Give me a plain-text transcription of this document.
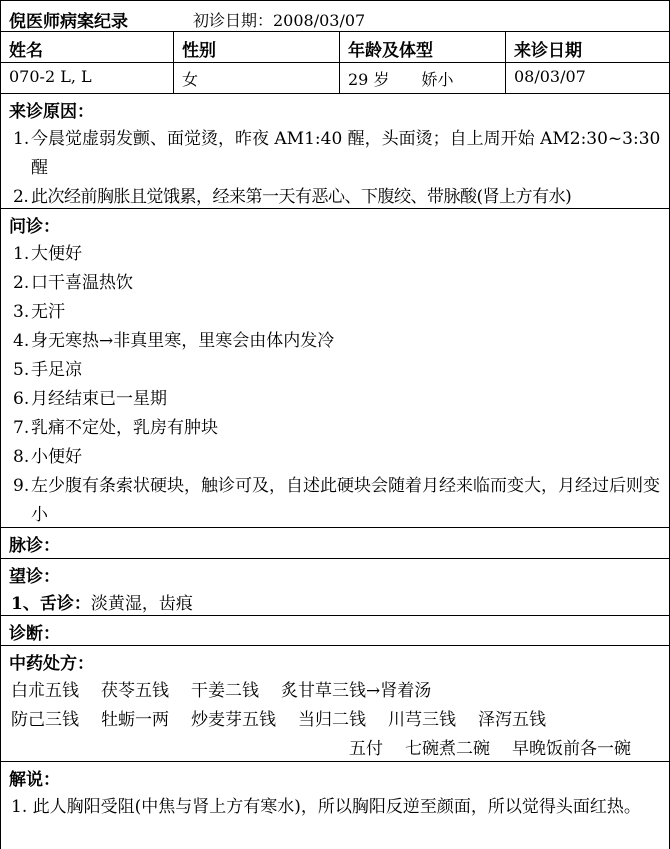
倪医师病案纪录	初诊日期：2008/03/07
姓名	性别	年龄及体型	来诊日期
070-2 L, L	女	29 岁　　娇小	08/03/07
来诊原因：
1. 今晨觉虚弱发颤、面觉烫，昨夜 AM1:40 醒，头面烫；自上周开始 AM2:30~3:30 醒
2. 此次经前胸胀且觉饿累，经来第一天有恶心、下腹绞、带脉酸(肾上方有水)
问诊：
1. 大便好
2. 口干喜温热饮
3. 无汗
4. 身无寒热→非真里寒，里寒会由体内发冷
5. 手足凉
6. 月经结束已一星期
7. 乳痛不定处，乳房有肿块
8. 小便好
9. 左少腹有条索状硬块，触诊可及，自述此硬块会随着月经来临而变大，月经过后则变小
脉诊：
望诊：
1、舌诊：淡黄湿，齿痕
诊断：
中药处方：
白朮五钱 茯苓五钱 干姜二钱 炙甘草三钱→肾着汤
防己三钱 牡蛎一两 炒麦芽五钱 当归二钱 川芎三钱 泽泻五钱
五付 七碗煮二碗 早晚饭前各一碗
解说：
1. 此人胸阳受阻(中焦与肾上方有寒水)，所以胸阳反逆至颜面，所以觉得头面红热。
